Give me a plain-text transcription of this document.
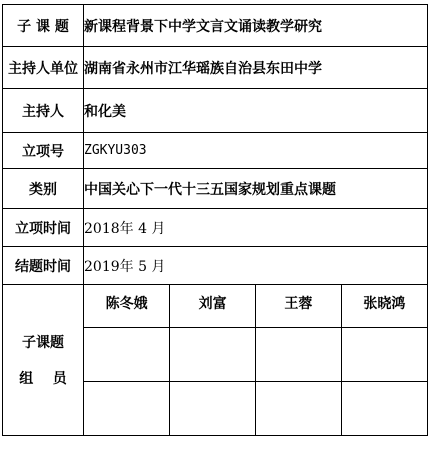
子 课 题	新课程背景下中学文言文诵读教学研究
主持人单位	湖南省永州市江华瑶族自治县东田中学
主持人	和化美
立项号	ZGKYU303
类别	中国关心下一代十三五国家规划重点课题
立项时间	2018年 4 月
结题时间	2019年 5 月

子课题
组    员

陈冬娥	刘富	王蓉	张晓鸿
